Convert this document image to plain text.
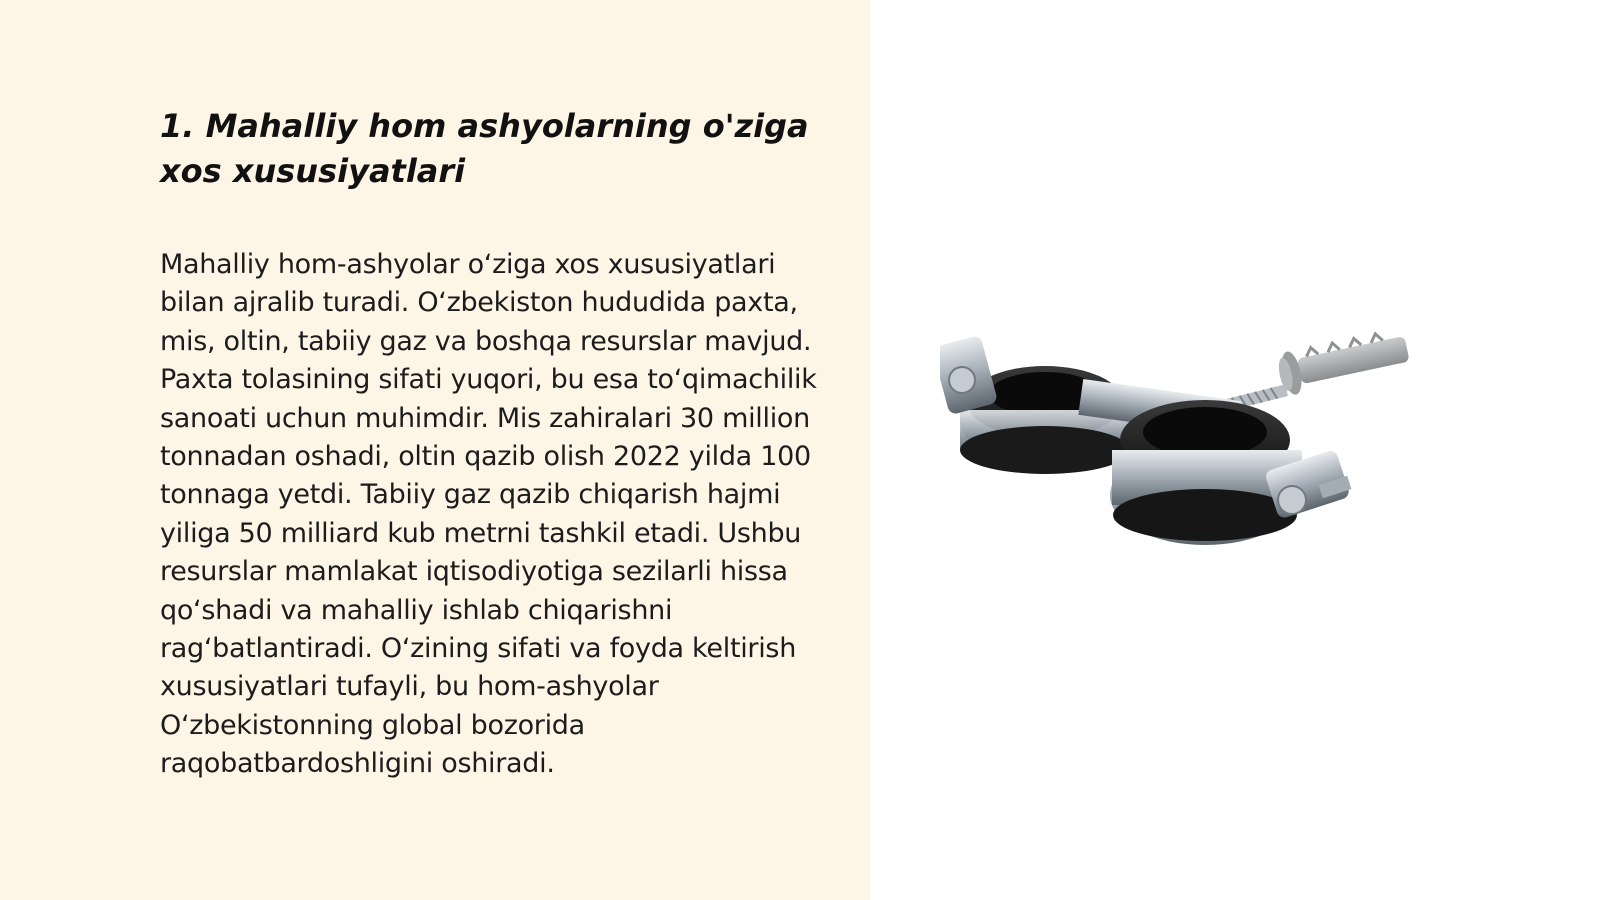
1. Mahalliy hom ashyolarning o'ziga xos xususiyatlari

Mahalliy hom-ashyolar oʻziga xos xususiyatlari bilan ajralib turadi. Oʻzbekiston hududida paxta, mis, oltin, tabiiy gaz va boshqa resurslar mavjud. Paxta tolasining sifati yuqori, bu esa toʻqimachilik sanoati uchun muhimdir. Mis zahiralari 30 million tonnadan oshadi, oltin qazib olish 2022 yilda 100 tonnaga yetdi. Tabiiy gaz qazib chiqarish hajmi yiliga 50 milliard kub metrni tashkil etadi. Ushbu resurslar mamlakat iqtisodiyotiga sezilarli hissa qoʻshadi va mahalliy ishlab chiqarishni ragʻbatlantiradi. Oʻzining sifati va foyda keltirish xususiyatlari tufayli, bu hom-ashyolar Oʻzbekistonning global bozorida raqobatbardoshligini oshiradi.
